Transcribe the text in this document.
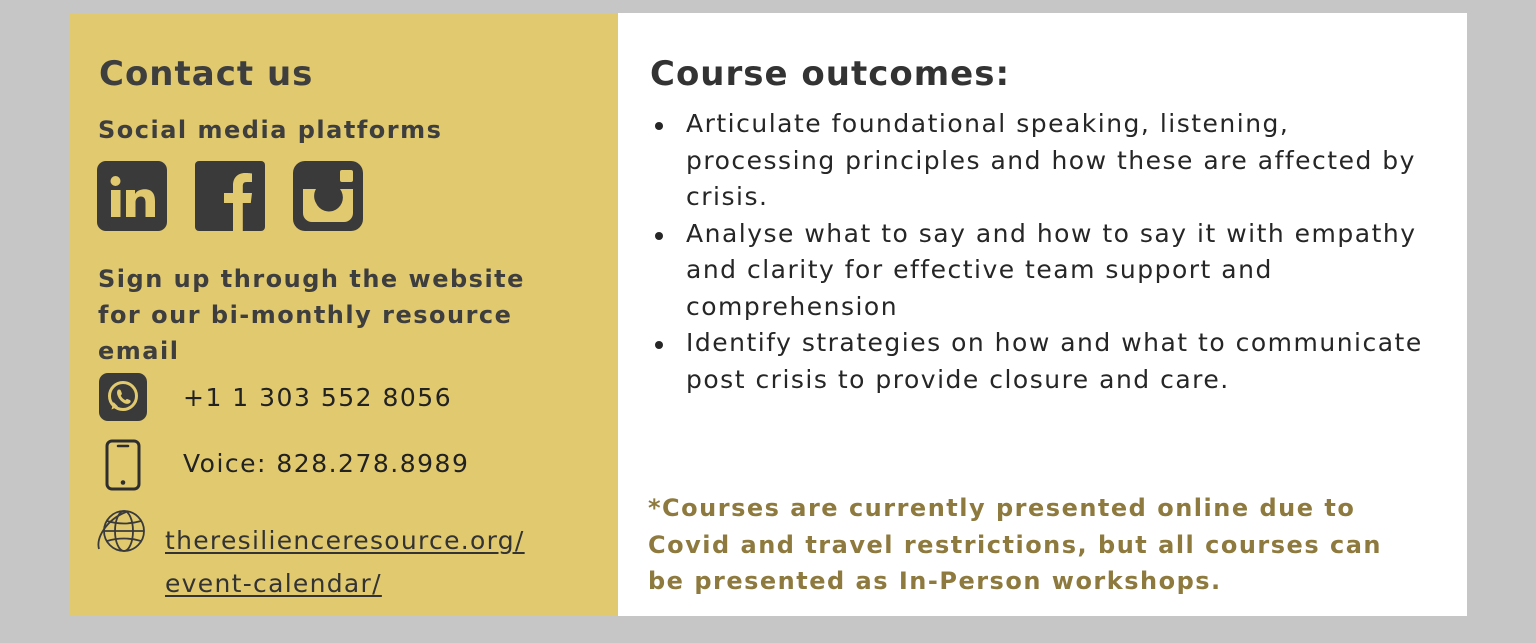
Contact us
Social media platforms

Sign up through the website for our bi-monthly resource email

+1 1 303 552 8056
Voice: 828.278.8989
theresilienceresource.org/
event-calendar/
Course outcomes:
Articulate foundational speaking, listening, processing principles and how these are affected by crisis.
Analyse what to say and how to say it with empathy and clarity for effective team support and comprehension
Identify strategies on how and what to communicate post crisis to provide closure and care.

*Courses are currently presented online due to Covid and travel restrictions, but all courses can be presented as In-Person workshops.
